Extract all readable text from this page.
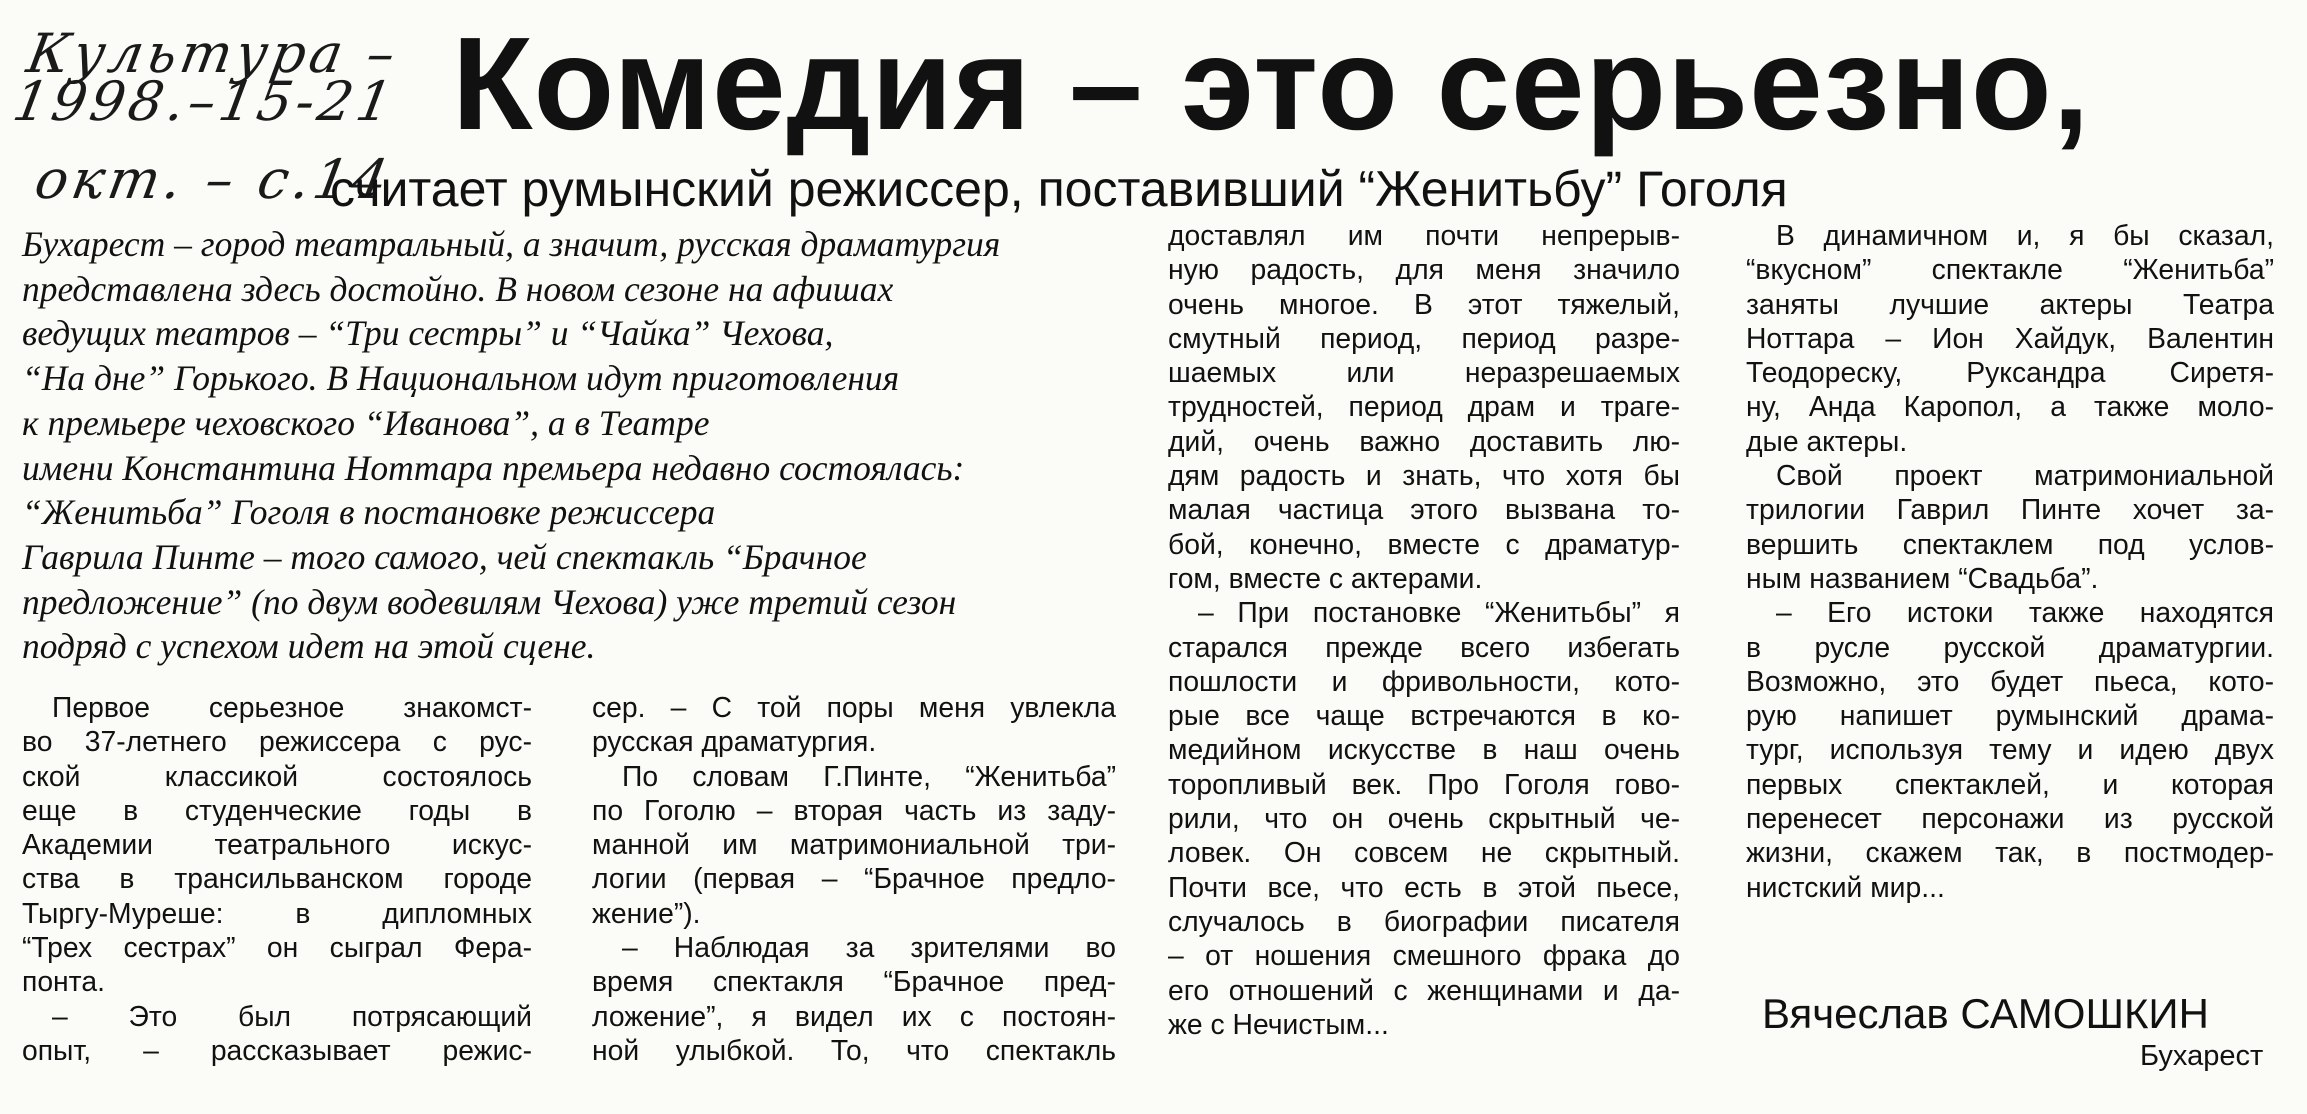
Культура –
1998.–15-21
окт. – с.14
Комедия – это серьезно,
считает румынский режиссер, поставивший “Женитьбу” Гоголя
Бухарест – город театральный, а значит, русская драматургия
представлена здесь достойно. В новом сезоне на афишах
ведущих театров – “Три сестры” и “Чайка” Чехова,
“На дне” Горького. В Национальном идут приготовления
к премьере чеховского “Иванова”, а в Театре
имени Константина Ноттара премьера недавно состоялась:
“Женитьба” Гоголя в постановке режиссера
Гаврила Пинте – того самого, чей спектакль “Брачное
предложение” (по двум водевилям Чехова) уже третий сезон
подряд с успехом идет на этой сцене.
Первое серьезное знакомст-
во 37-летнего режиссера с рус-
ской классикой состоялось
еще в студенческие годы в
Академии театрального искус-
ства в трансильванском городе
Тыргу-Муреше: в дипломных
“Трех сестрах” он сыграл Фера-
понта.
– Это был потрясающий
опыт, – рассказывает режис-
сер. – С той поры меня увлекла
русская драматургия.
По словам Г.Пинте, “Женитьба”
по Гоголю – вторая часть из заду-
манной им матримониальной три-
логии (первая – “Брачное предло-
жение”).
– Наблюдая за зрителями во
время спектакля “Брачное пред-
ложение”, я видел их с постоян-
ной улыбкой. То, что спектакль
доставлял им почти непрерыв-
ную радость, для меня значило
очень многое. В этот тяжелый,
смутный период, период разре-
шаемых или неразрешаемых
трудностей, период драм и траге-
дий, очень важно доставить лю-
дям радость и знать, что хотя бы
малая частица этого вызвана то-
бой, конечно, вместе с драматур-
гом, вместе с актерами.
– При постановке “Женитьбы” я
старался прежде всего избегать
пошлости и фривольности, кото-
рые все чаще встречаются в ко-
медийном искусстве в наш очень
торопливый век. Про Гоголя гово-
рили, что он очень скрытный че-
ловек. Он совсем не скрытный.
Почти все, что есть в этой пьесе,
случалось в биографии писателя
– от ношения смешного фрака до
его отношений с женщинами и да-
же с Нечистым...
В динамичном и, я бы сказал,
“вкусном” спектакле “Женитьба”
заняты лучшие актеры Театра
Ноттара – Ион Хайдук, Валентин
Теодореску, Руксандра Сиретя-
ну, Анда Каропол, а также моло-
дые актеры.
Свой проект матримониальной
трилогии Гаврил Пинте хочет за-
вершить спектаклем под услов-
ным названием “Свадьба”.
– Его истоки также находятся
в русле русской драматургии.
Возможно, это будет пьеса, кото-
рую напишет румынский драма-
тург, используя тему и идею двух
первых спектаклей, и которая
перенесет персонажи из русской
жизни, скажем так, в постмодер-
нистский мир...
Вячеслав САМОШКИН
Бухарест
